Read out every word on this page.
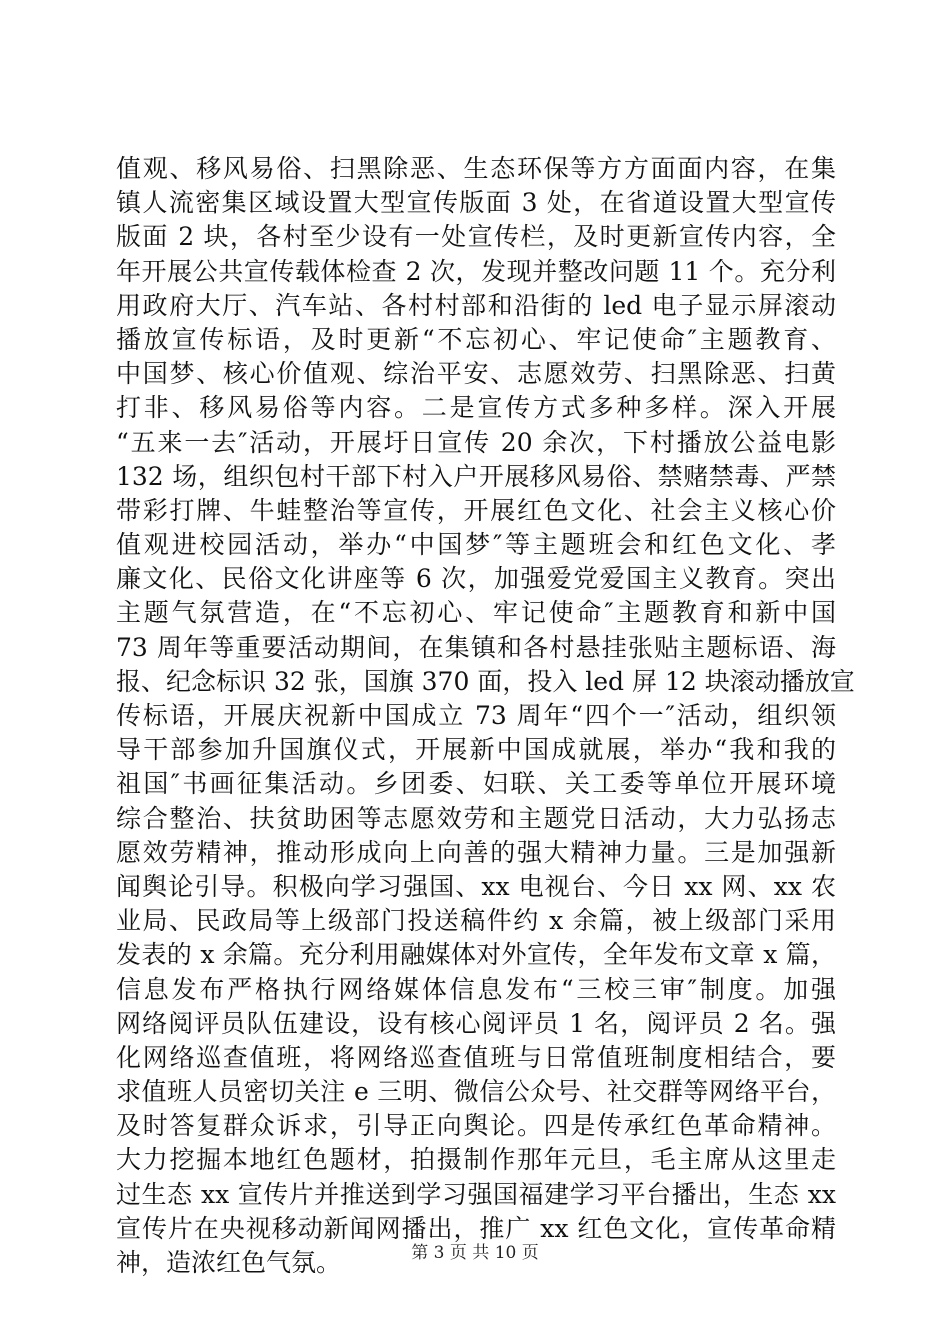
值观、移风易俗、扫黑除恶、生态环保等方方面面内容，在集
镇人流密集区域设置大型宣传版面 3 处，在省道设置大型宣传
版面 2 块，各村至少设有一处宣传栏，及时更新宣传内容，全
年开展公共宣传载体检查 2 次，发现并整改问题 11 个。充分利
用政府大厅、汽车站、各村村部和沿街的 led 电子显示屏滚动
播放宣传标语，及时更新“不忘初心、牢记使命″主题教育、
中国梦、核心价值观、综治平安、志愿效劳、扫黑除恶、扫黄
打非、移风易俗等内容。二是宣传方式多种多样。深入开展
“五来一去″活动，开展圩日宣传 20 余次，下村播放公益电影
132 场，组织包村干部下村入户开展移风易俗、禁赌禁毒、严禁
带彩打牌、牛蛙整治等宣传，开展红色文化、社会主义核心价
值观进校园活动，举办“中国梦″等主题班会和红色文化、孝
廉文化、民俗文化讲座等 6 次，加强爱党爱国主义教育。突出
主题气氛营造，在“不忘初心、牢记使命″主题教育和新中国
73 周年等重要活动期间，在集镇和各村悬挂张贴主题标语、海
报、纪念标识 32 张，国旗 370 面，投入 led 屏 12 块滚动播放宣
传标语，开展庆祝新中国成立 73 周年“四个一″活动，组织领
导干部参加升国旗仪式，开展新中国成就展，举办“我和我的
祖国″书画征集活动。乡团委、妇联、关工委等单位开展环境
综合整治、扶贫助困等志愿效劳和主题党日活动，大力弘扬志
愿效劳精神，推动形成向上向善的强大精神力量。三是加强新
闻舆论引导。积极向学习强国、xx 电视台、今日 xx 网、xx 农
业局、民政局等上级部门投送稿件约 x 余篇，被上级部门采用
发表的 x 余篇。充分利用融媒体对外宣传，全年发布文章 x 篇，
信息发布严格执行网络媒体信息发布“三校三审″制度。加强
网络阅评员队伍建设，设有核心阅评员 1 名，阅评员 2 名。强
化网络巡查值班，将网络巡查值班与日常值班制度相结合，要
求值班人员密切关注 e 三明、微信公众号、社交群等网络平台，
及时答复群众诉求，引导正向舆论。四是传承红色革命精神。
大力挖掘本地红色题材，拍摄制作那年元旦，毛主席从这里走
过生态 xx 宣传片并推送到学习强国福建学习平台播出，生态 xx
宣传片在央视移动新闻网播出，推广 xx 红色文化，宣传革命精
神，造浓红色气氛。	第 3 页 共 10 页
